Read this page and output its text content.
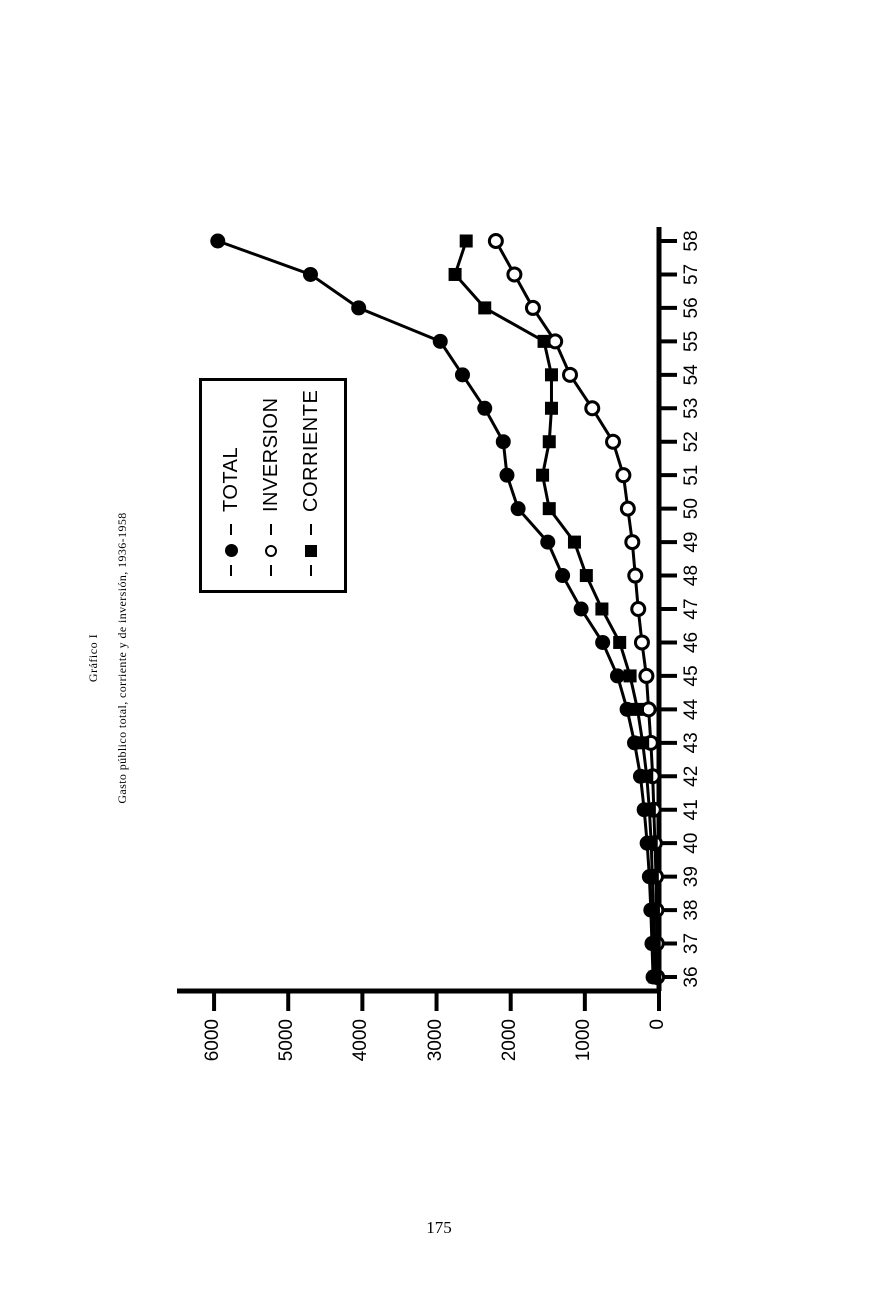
Gráfico I Gasto público total, corriente y de inversión, 1936-1958
0
1000
2000
3000
4000
5000
6000
36
37
38
39
40
41
42
43
44
45
46
47
48
49
50
51
52
53
54
55
56
57
58
TOTAL INVERSION CORRIENTE
175
